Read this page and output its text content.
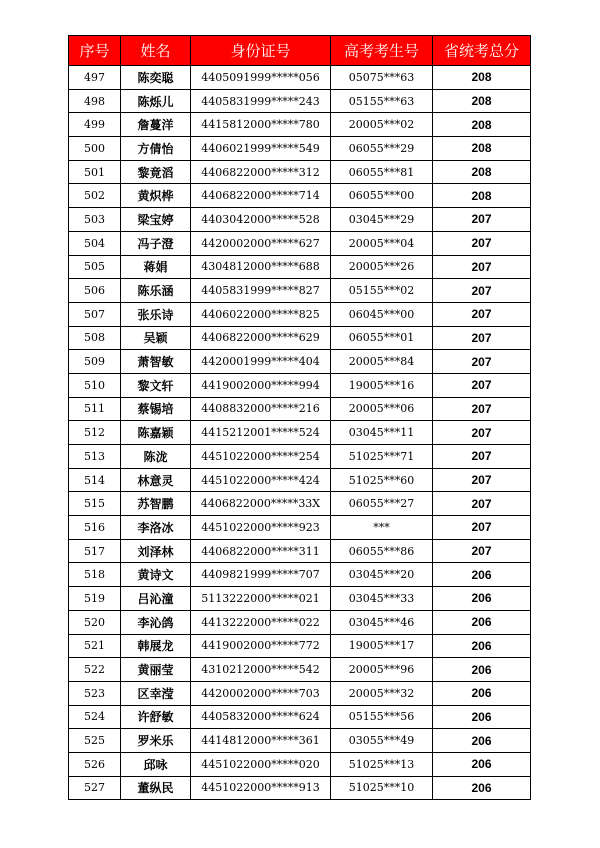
序号	姓名	身份证号	高考考生号	省统考总分
497	陈奕聪	4405091999*****056	05075***63	208
498	陈烁儿	4405831999*****243	05155***63	208
499	詹蔓洋	4415812000*****780	20005***02	208
500	方倩怡	4406021999*****549	06055***29	208
501	黎竟滔	4406822000*****312	06055***81	208
502	黄炽桦	4406822000*****714	06055***00	208
503	梁宝婷	4403042000*****528	03045***29	207
504	冯子澄	4420002000*****627	20005***04	207
505	蒋娟	4304812000*****688	20005***26	207
506	陈乐涵	4405831999*****827	05155***02	207
507	张乐诗	4406022000*****825	06045***00	207
508	吴颖	4406822000*****629	06055***01	207
509	萧智敏	4420001999*****404	20005***84	207
510	黎文轩	4419002000*****994	19005***16	207
511	蔡锡培	4408832000*****216	20005***06	207
512	陈嘉颖	4415212001*****524	03045***11	207
513	陈泷	4451022000*****254	51025***71	207
514	林意灵	4451022000*****424	51025***60	207
515	苏智鹏	4406822000*****33X	06055***27	207
516	李洛冰	4451022000*****923	***	207
517	刘泽林	4406822000*****311	06055***86	207
518	黄诗文	4409821999*****707	03045***20	206
519	吕沁潼	5113222000*****021	03045***33	206
520	李沁鸽	4413222000*****022	03045***46	206
521	韩展龙	4419002000*****772	19005***17	206
522	黄丽莹	4310212000*****542	20005***96	206
523	区幸滢	4420002000*****703	20005***32	206
524	许舒敏	4405832000*****624	05155***56	206
525	罗米乐	4414812000*****361	03055***49	206
526	邱咏	4451022000*****020	51025***13	206
527	董纵民	4451022000*****913	51025***10	206
